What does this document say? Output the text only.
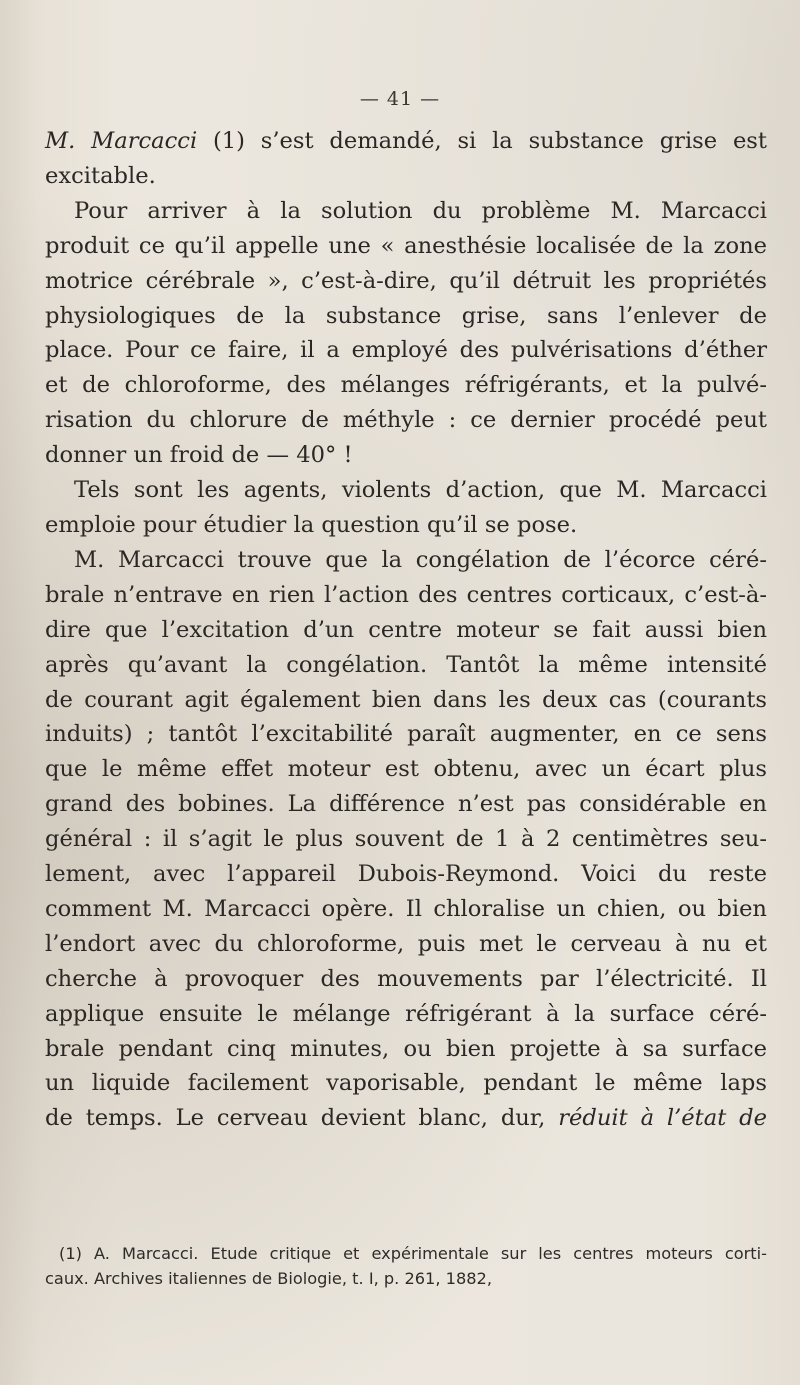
— 41 —
M. Marcacci (1) s’est demandé, si la substance grise est
excitable.
Pour arriver à la solution du problème M. Marcacci
produit ce qu’il appelle une « anesthésie localisée de la zone
motrice cérébrale », c’est-à-dire, qu’il détruit les propriétés
physiologiques de la substance grise, sans l’enlever de
place. Pour ce faire, il a employé des pulvérisations d’éther
et de chloroforme, des mélanges réfrigérants, et la pulvé-
risation du chlorure de méthyle : ce dernier procédé peut
donner un froid de — 40° !
Tels sont les agents, violents d’action, que M. Marcacci
emploie pour étudier la question qu’il se pose.
M. Marcacci trouve que la congélation de l’écorce céré-
brale n’entrave en rien l’action des centres corticaux, c’est-à-
dire que l’excitation d’un centre moteur se fait aussi bien
après qu’avant la congélation. Tantôt la même intensité
de courant agit également bien dans les deux cas (courants
induits) ; tantôt l’excitabilité paraît augmenter, en ce sens
que le même effet moteur est obtenu, avec un écart plus
grand des bobines. La différence n’est pas considérable en
général : il s’agit le plus souvent de 1 à 2 centimètres seu-
lement, avec l’appareil Dubois-Reymond. Voici du reste
comment M. Marcacci opère. Il chloralise un chien, ou bien
l’endort avec du chloroforme, puis met le cerveau à nu et
cherche à provoquer des mouvements par l’électricité. Il
applique ensuite le mélange réfrigérant à la surface céré-
brale pendant cinq minutes, ou bien projette à sa surface
un liquide facilement vaporisable, pendant le même laps
de temps. Le cerveau devient blanc, dur, réduit à l’état de
(1) A. Marcacci. Etude critique et expérimentale sur les centres moteurs corti-
caux. Archives italiennes de Biologie, t. I, p. 261, 1882,
